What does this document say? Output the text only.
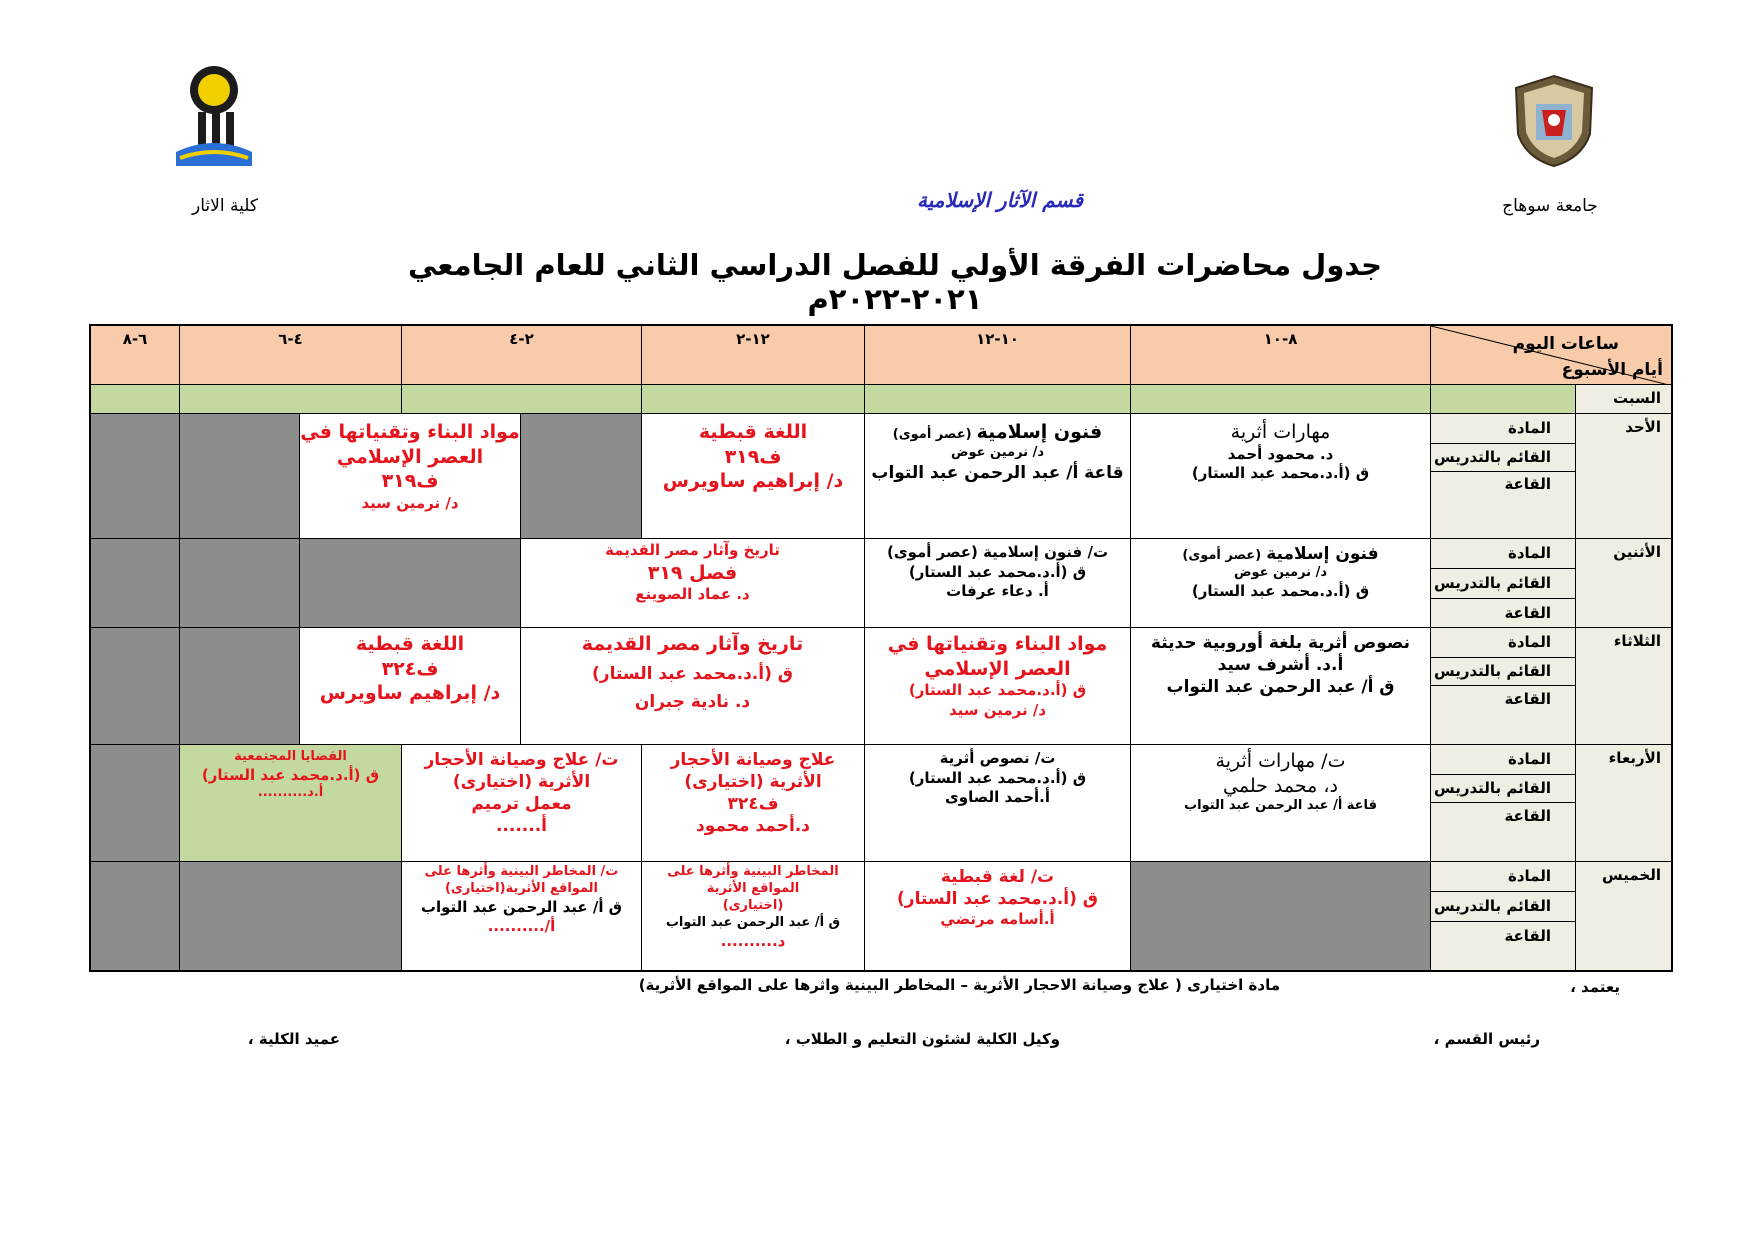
جامعة سوهاج
كلية الاثار	قسم الآثار الإسلامية
جدول محاضرات الفرقة الأولي للفصل الدراسي الثاني للعام الجامعي ٢٠٢١-٢٠٢٢م
ساعات اليوم
أيام الأسبوع
٨-١٠
١٠-١٢
١٢-٢
٢-٤
٤-٦
٦-٨
السبت
الأحد
المادة
القائم بالتدريس
القاعة
مهارات أثرية
د. محمود أحمد
ق (أ.د.محمد عبد الستار)
فنون إسلامية (عصر أموى)
د/ نرمين عوض
قاعة أ/ عبد الرحمن عبد التواب
اللغة قبطية
ف٣١٩
د/ إبراهيم ساويرس
مواد البناء وتقنياتها في العصر الإسلامي
ف٣١٩
د/ نرمين سيد
الأثنين
المادة
القائم بالتدريس
القاعة
فنون إسلامية (عصر أموى)
د/ نرمين عوض
ق (أ.د.محمد عبد الستار)
ت/ فنون إسلامية (عصر أموى)
ق (أ.د.محمد عبد الستار)
أ. دعاء عرفات
تاريخ وآثار مصر القديمة
فصل ٣١٩
د. عماد الصوينع
الثلاثاء
المادة
القائم بالتدريس
القاعة
نصوص أثرية بلغة أوروبية حديثة
أ.د. أشرف سيد
ق أ/ عبد الرحمن عبد التواب
مواد البناء وتقنياتها في العصر الإسلامي
ق (أ.د.محمد عبد الستار)
د/ نرمين سيد
تاريخ وآثار مصر القديمة
ق (أ.د.محمد عبد الستار)
د. نادية جبران
اللغة قبطية
ف٣٢٤
د/ إبراهيم ساويرس
الأربعاء
المادة
القائم بالتدريس
القاعة
ت/ مهارات أثرية
د، محمد حلمي
قاعة أ/ عبد الرحمن عبد التواب
ت/ نصوص أثرية
ق (أ.د.محمد عبد الستار)
أ.أحمد الصاوى
علاج وصيانة الأحجار الأثرية (اختيارى)
ف٣٢٤
د.أحمد محمود
ت/ علاج وصيانة الأحجار الأثرية (اختيارى)
معمل ترميم
أ.......
القضايا المجتمعية
ق (أ.د.محمد عبد الستار)
أ.د..........
الخميس
المادة
القائم بالتدريس
القاعة
ت/ لغة قبطية
ق (أ.د.محمد عبد الستار)
أ.أسامه مرتضي
المخاطر البينية وأثرها على المواقع الأثرية
(اختيارى)
ق أ/ عبد الرحمن عبد التواب
د..........
ت/ المخاطر البينية وأثرها على المواقع الأثرية(اختيارى)
ق أ/ عبد الرحمن عبد التواب
أ/..........
يعتمد ،
مادة اختيارى ( علاج وصيانة الاحجار الأثرية – المخاطر البينية واثرها على المواقع الأثرية)
رئيس القسم ،
وكيل الكلية لشئون التعليم و الطلاب ،
عميد الكلية ،
